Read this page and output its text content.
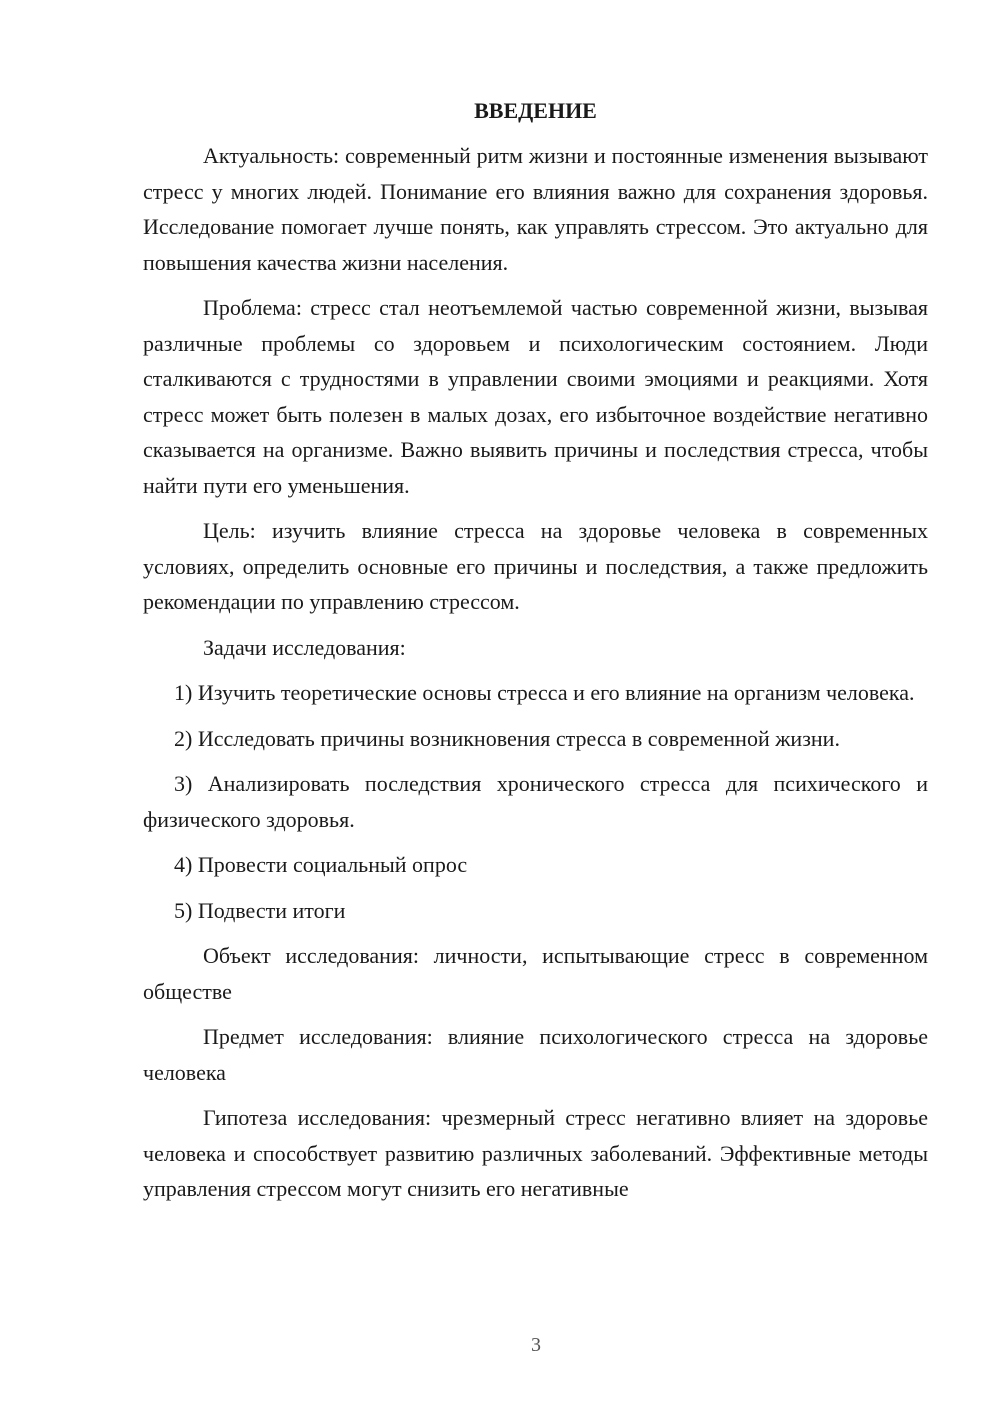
ВВЕДЕНИЕ

Актуальность: современный ритм жизни и постоянные изменения вызывают стресс у многих людей. Понимание его влияния важно для сохранения здоровья. Исследование помогает лучше понять, как управлять стрессом. Это актуально для повышения качества жизни населения.

Проблема: стресс стал неотъемлемой частью современной жизни, вызывая различные проблемы со здоровьем и психологическим состоянием. Люди сталкиваются с трудностями в управлении своими эмоциями и реакциями. Хотя стресс может быть полезен в малых дозах, его избыточное воздействие негативно сказывается на организме. Важно выявить причины и последствия стресса, чтобы найти пути его уменьшения.

Цель: изучить влияние стресса на здоровье человека в современных условиях, определить основные его причины и последствия, а также предложить рекомендации по управлению стрессом.

Задачи исследования:

1) Изучить теоретические основы стресса и его влияние на организм человека.

2) Исследовать причины возникновения стресса в современной жизни.

3) Анализировать последствия хронического стресса для психического и физического здоровья.

4) Провести социальный опрос

5) Подвести итоги

Объект исследования: личности, испытывающие стресс в современном обществе

Предмет исследования: влияние психологического стресса на здоровье человека

Гипотеза исследования: чрезмерный стресс негативно влияет на здоровье человека и способствует развитию различных заболеваний. Эффективные методы управления стрессом могут снизить его негативные

3
